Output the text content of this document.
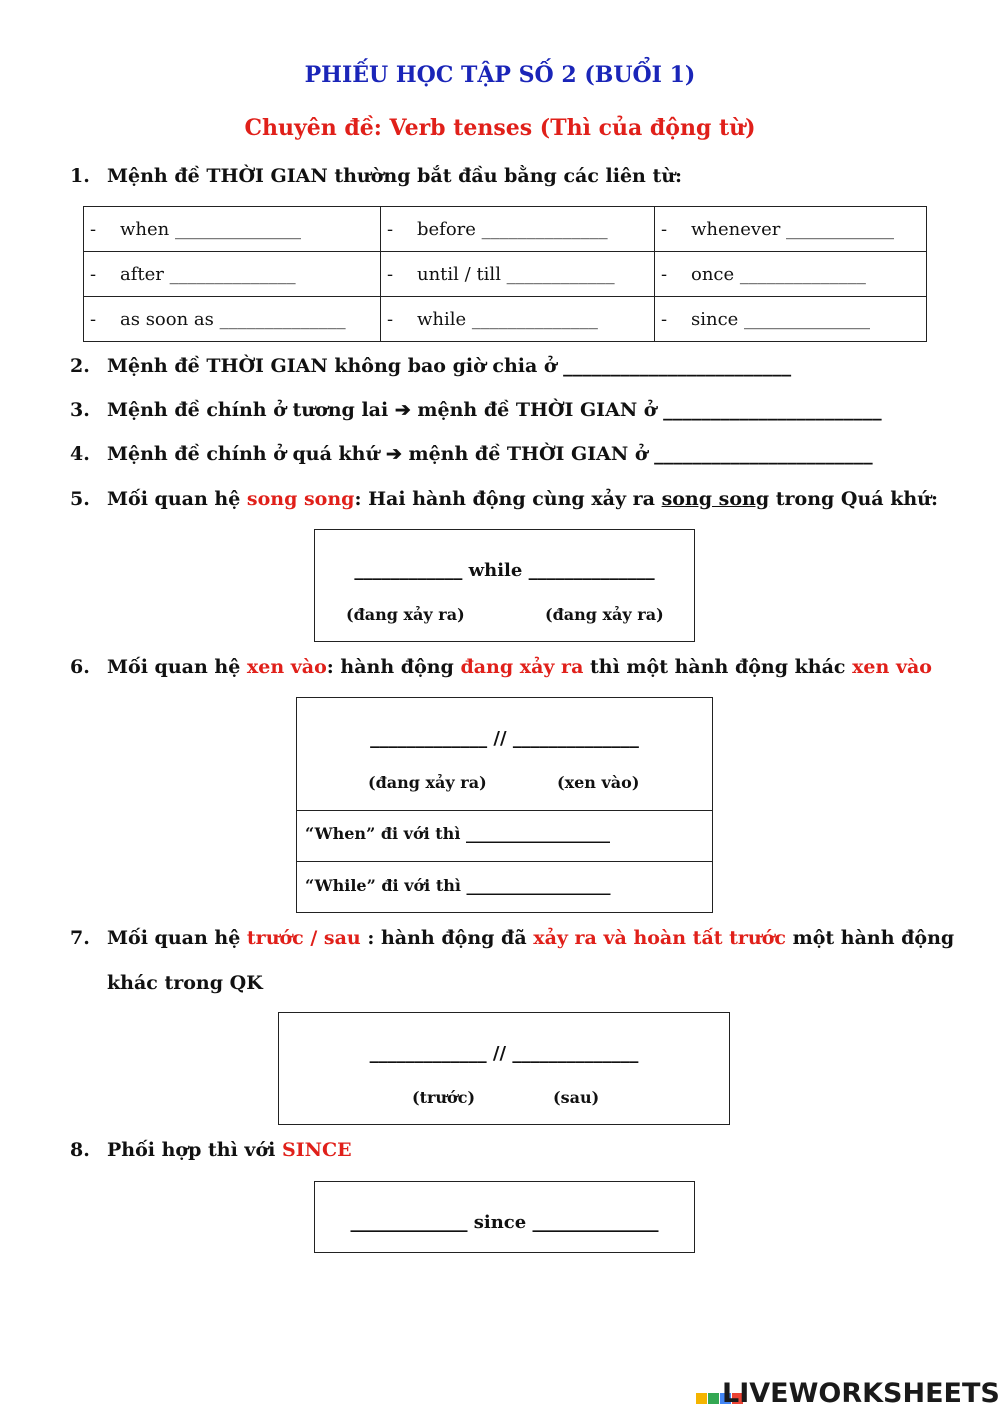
PHIẾU HỌC TẬP SỐ 2 (BUỔI 1)
Chuyên đề: Verb tenses (Thì của động từ)
1. Mệnh đề THỜI GIAN thường bắt đầu bằng các liên từ:
- when ______________	- before ______________	- whenever ____________
- after ______________	- until / till ____________	- once ______________
- as soon as ______________	- while ______________	- since ______________
2. Mệnh đề THỜI GIAN không bao giờ chia ở ________________________
3. Mệnh đề chính ở tương lai ➔ mệnh đề THỜI GIAN ở _______________________
4. Mệnh đề chính ở quá khứ ➔ mệnh đề THỜI GIAN ở _______________________
5. Mối quan hệ song song: Hai hành động cùng xảy ra song song trong Quá khứ:
____________ while ______________
(đang xảy ra)	(đang xảy ra)
6. Mối quan hệ xen vào: hành động đang xảy ra thì một hành động khác xen vào
_____________ // ______________
(đang xảy ra)	(xen vào)
“When” đi với thì __________________
“While” đi với thì __________________
7. Mối quan hệ trước / sau : hành động đã xảy ra và hoàn tất trước một hành động
khác trong QK
_____________ // ______________
(trước)	(sau)
8. Phối hợp thì với SINCE
_____________ since ______________
LIVEWORKSHEETS
